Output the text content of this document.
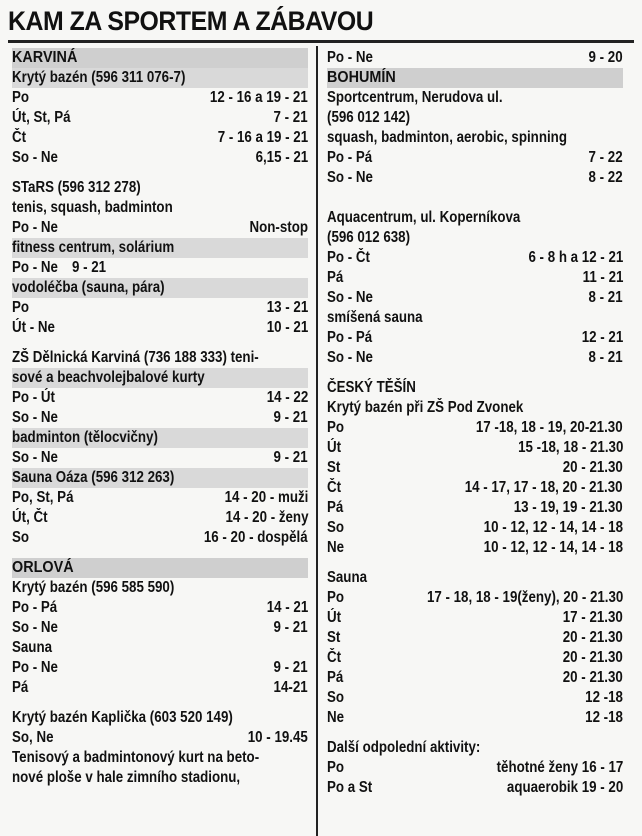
KAM ZA SPORTEM A ZÁBAVOU
KARVINÁ
Krytý bazén (596 311 076-7)
Po	12 - 16 a 19 - 21
Út, St, Pá	7 - 21
Čt	7 - 16 a 19 - 21
So - Ne	6,15 - 21
STaRS (596 312 278)
tenis, squash, badminton
Po - Ne	Non-stop
fitness centrum, solárium
Po - Ne 9 - 21
vodoléčba (sauna, pára)
Po	13 - 21
Út - Ne	10 - 21
ZŠ Dělnická Karviná (736 188 333) teni-
sové a beachvolejbalové kurty
Po - Út	14 - 22
So - Ne	9 - 21
badminton (tělocvičny)
So - Ne	9 - 21
Sauna Oáza (596 312 263)
Po, St, Pá	14 - 20 - muži
Út, Čt	14 - 20 - ženy
So	16 - 20 - dospělá
ORLOVÁ
Krytý bazén (596 585 590)
Po - Pá	14 - 21
So - Ne	9 - 21
Sauna
Po - Ne	9 - 21
Pá	14-21
Krytý bazén Kaplička (603 520 149)
So, Ne	10 - 19.45
Tenisový a badmintonový kurt na beto-
nové ploše v hale zimního stadionu,
Po - Ne	9 - 20
BOHUMÍN
Sportcentrum, Nerudova ul.
(596 012 142)
squash, badminton, aerobic, spinning
Po - Pá	7 - 22
So - Ne	8 - 22
Aquacentrum, ul. Koperníkova
(596 012 638)
Po - Čt	6 - 8 h a 12 - 21
Pá	11 - 21
So - Ne	8 - 21
smíšená sauna
Po - Pá	12 - 21
So - Ne	8 - 21
ČESKÝ TĚŠÍN
Krytý bazén při ZŠ Pod Zvonek
Po	17 -18, 18 - 19, 20-21.30
Út	15 -18, 18 - 21.30
St	20 - 21.30
Čt	14 - 17, 17 - 18, 20 - 21.30
Pá	13 - 19, 19 - 21.30
So	10 - 12, 12 - 14, 14 - 18
Ne	10 - 12, 12 - 14, 14 - 18
Sauna
Po	17 - 18, 18 - 19(ženy), 20 - 21.30
Út	17 - 21.30
St	20 - 21.30
Čt	20 - 21.30
Pá	20 - 21.30
So	12 -18
Ne	12 -18
Další odpolední aktivity:
Po	těhotné ženy 16 - 17
Po a St	aquaerobik 19 - 20
